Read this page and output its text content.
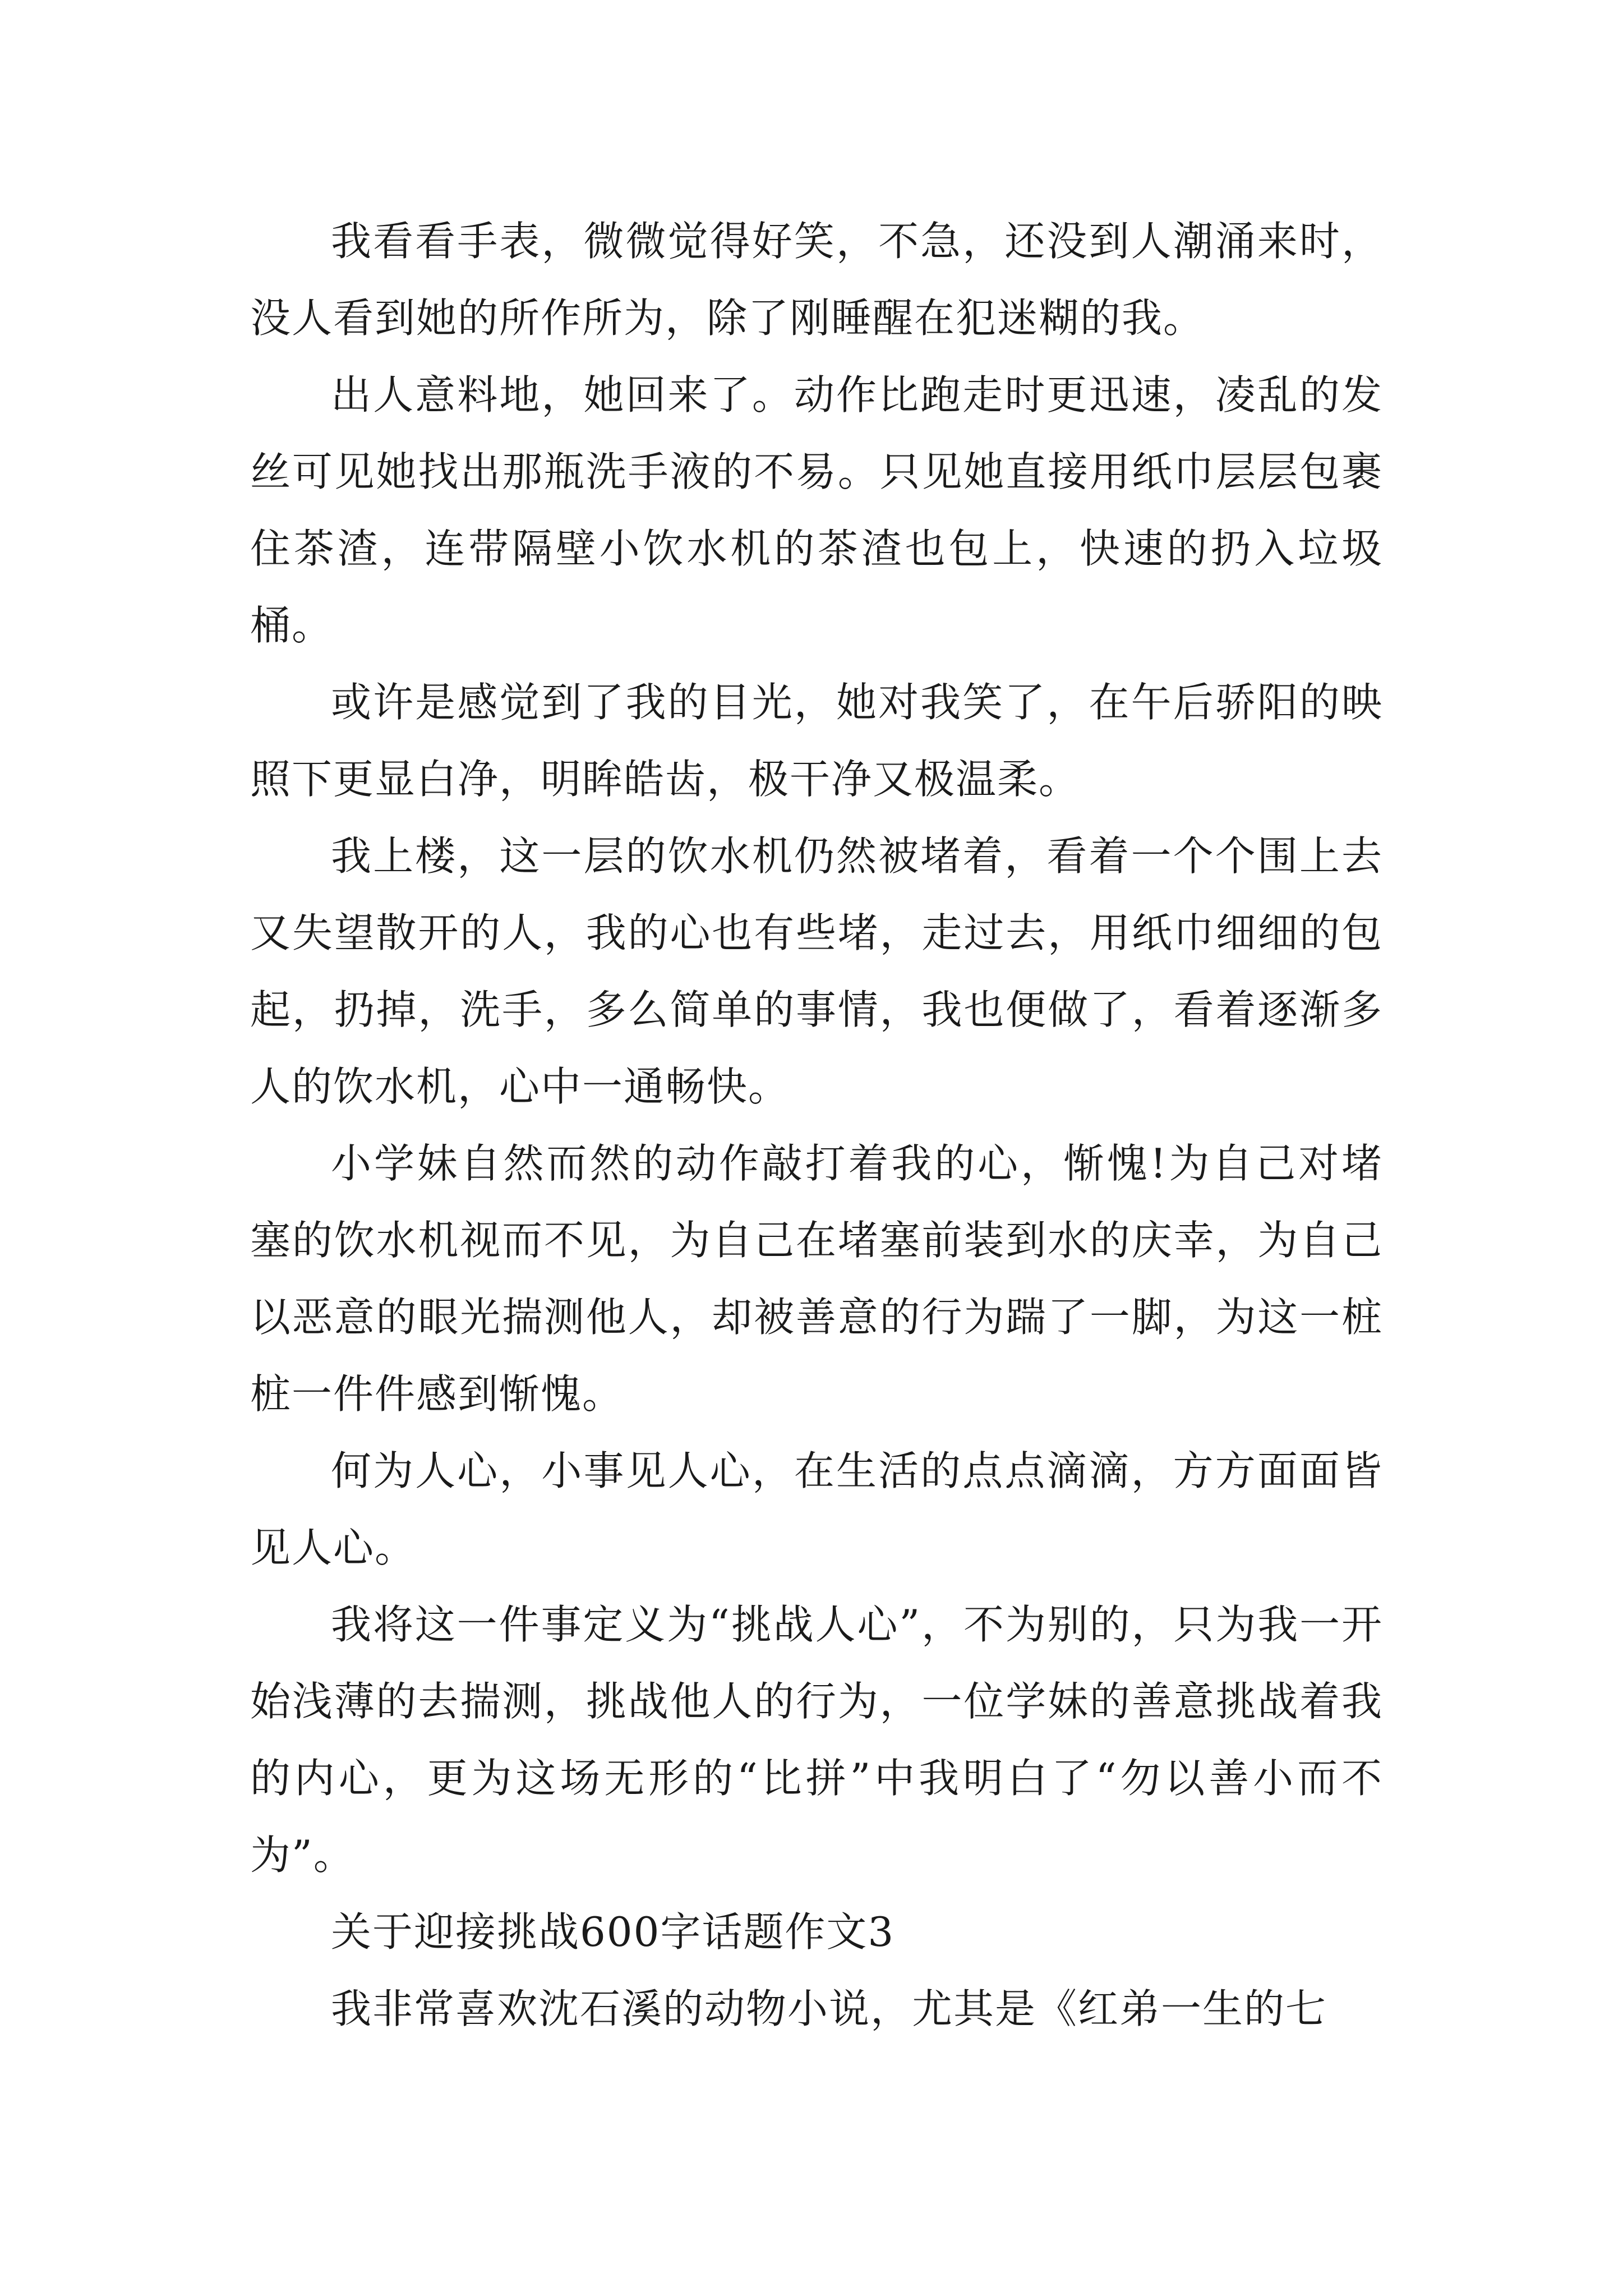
我看看手表，微微觉得好笑，不急，还没到人潮涌来时，没人看到她的所作所为，除了刚睡醒在犯迷糊的我。

出人意料地，她回来了。动作比跑走时更迅速，凌乱的发丝可见她找出那瓶洗手液的不易。只见她直接用纸巾层层包裹住茶渣，连带隔壁小饮水机的茶渣也包上，快速的扔入垃圾桶。

或许是感觉到了我的目光，她对我笑了，在午后骄阳的映照下更显白净，明眸皓齿，极干净又极温柔。

我上楼，这一层的饮水机仍然被堵着，看着一个个围上去又失望散开的人，我的心也有些堵，走过去，用纸巾细细的包起，扔掉，洗手，多么简单的事情，我也便做了，看着逐渐多人的饮水机，心中一通畅快。

小学妹自然而然的动作敲打着我的心，惭愧!为自己对堵塞的饮水机视而不见，为自己在堵塞前装到水的庆幸，为自己以恶意的眼光揣测他人，却被善意的行为踹了一脚，为这一桩桩一件件感到惭愧。

何为人心，小事见人心，在生活的点点滴滴，方方面面皆见人心。

我将这一件事定义为“挑战人心”，不为别的，只为我一开始浅薄的去揣测，挑战他人的行为，一位学妹的善意挑战着我的内心，更为这场无形的“比拼”中我明白了“勿以善小而不为”。

关于迎接挑战600字话题作文3

我非常喜欢沈石溪的动物小说，尤其是《红弟一生的七
